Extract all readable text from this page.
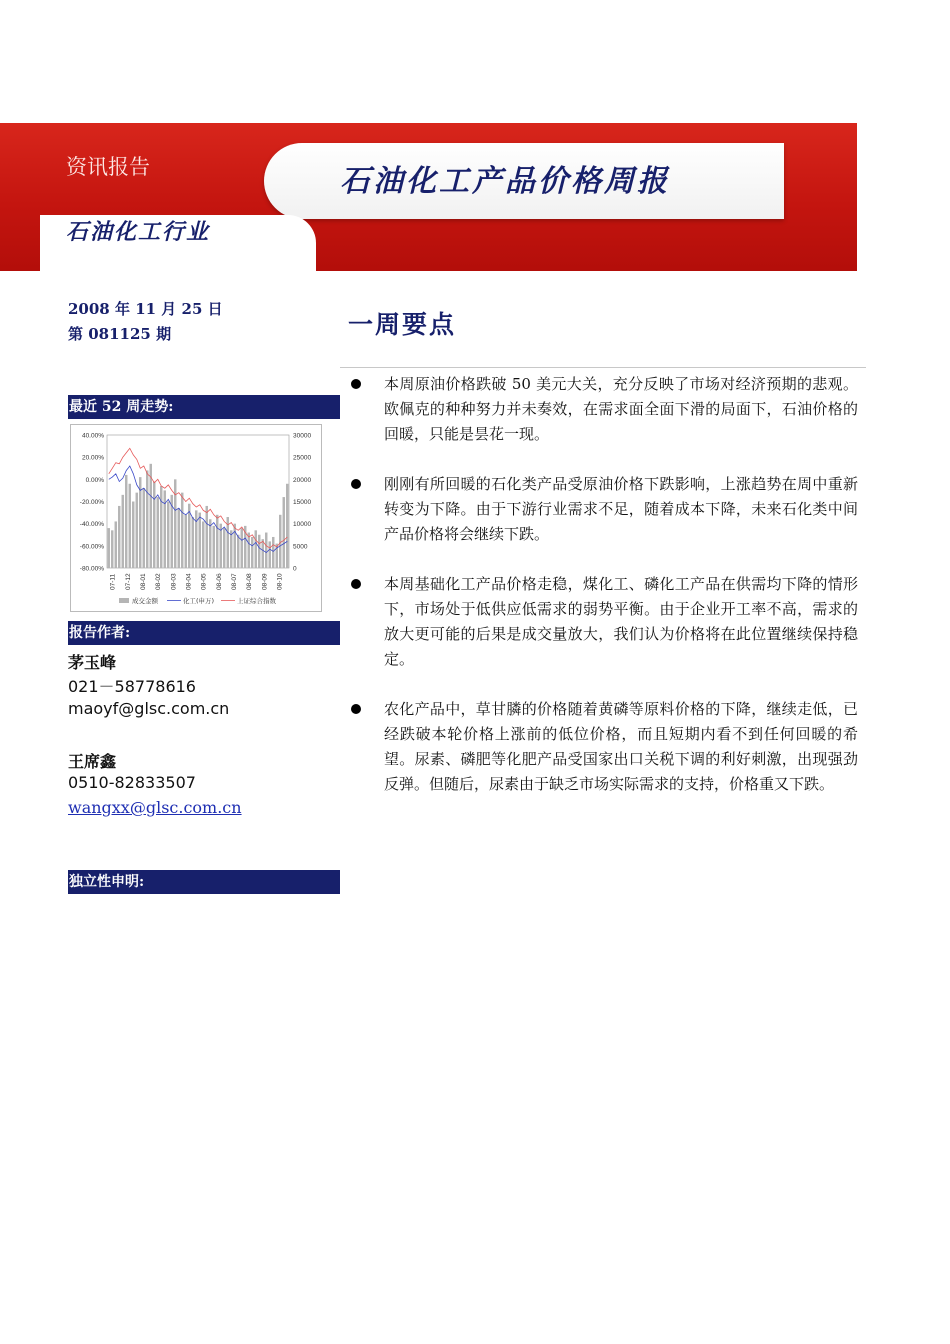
石油化工产品价格周报
资讯报告
石油化工行业
2008 年 11 月 25 日
第 081125 期
最近 52 周走势:
40.00%
20.00%
0.00%
-20.00%
-40.00%
-60.00%
-80.00%
30000
25000
20000
15000
10000
5000
0
07-11 07-12 08-01 08-02 08-03 08-04 08-05 08-06 08-07 08-08 08-09 08-10
成交金额	化工(申万)	上证综合指数
报告作者:
茅玉峰
021－58778616
maoyf@glsc.com.cn
王席鑫
0510-82833507
wangxx@glsc.com.cn
独立性申明:
一周要点
本周原油价格跌破 50 美元大关，充分反映了市场对经济预期的悲观。欧佩克的种种努力并未奏效，在需求面全面下滑的局面下，石油价格的回暖，只能是昙花一现。
刚刚有所回暖的石化类产品受原油价格下跌影响，上涨趋势在周中重新转变为下降。由于下游行业需求不足，随着成本下降，未来石化类中间产品价格将会继续下跌。
本周基础化工产品价格走稳，煤化工、磷化工产品在供需均下降的情形下，市场处于低供应低需求的弱势平衡。由于企业开工率不高，需求的放大更可能的后果是成交量放大，我们认为价格将在此位置继续保持稳定。
农化产品中，草甘膦的价格随着黄磷等原料价格的下降，继续走低，已经跌破本轮价格上涨前的低位价格，而且短期内看不到任何回暖的希望。尿素、磷肥等化肥产品受国家出口关税下调的利好刺激，出现强劲反弹。但随后，尿素由于缺乏市场实际需求的支持，价格重又下跌。
